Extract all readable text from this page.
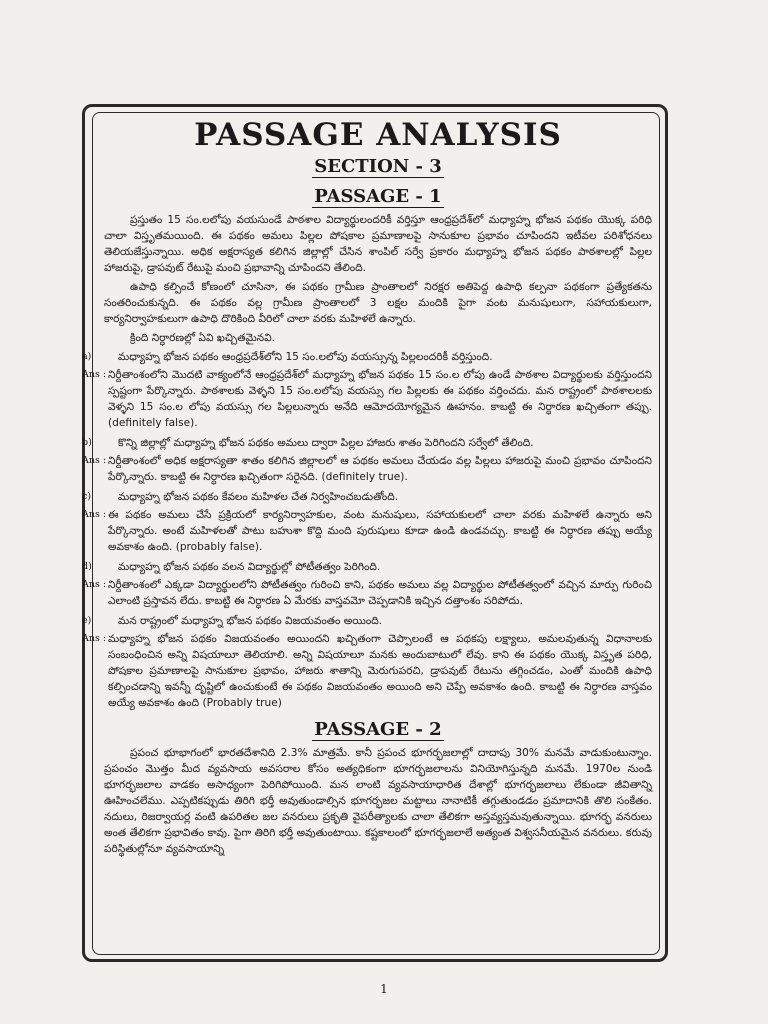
PASSAGE ANALYSIS
SECTION - 3
PASSAGE - 1

ప్రస్తుతం 15 సం.లలోపు వయసుండే పాఠశాల విద్యార్థులందరికీ వర్తిస్తూ ఆంధ్రప్రదేశ్‌లో మధ్యాహ్న భోజన పథకం యొక్క పరిధి చాలా విస్తృతమయింది. ఈ పథకం అమలు పిల్లల పోషకాల ప్రమాణాలపై సానుకూల ప్రభావం చూపిందని ఇటీవల పరిశోధనలు తెలియజేస్తున్నాయి. అధిక అక్షరాస్యత కలిగిన జిల్లాల్లో చేసిన శాంపిల్ సర్వే ప్రకారం మధ్యాహ్న భోజన పథకం పాఠశాలల్లో పిల్లల హాజరుపై, డ్రాపవుట్ రేటుపై మంచి ప్రభావాన్ని చూపిందని తేలింది.

ఉపాధి కల్పించే కోణంలో చూసినా, ఈ పథకం గ్రామీణ ప్రాంతాలలో నిరక్షర అతిపెద్ద ఉపాధి కల్పనా పథకంగా ప్రత్యేకతను సంతరించుకున్నది. ఈ పథకం వల్ల గ్రామీణ ప్రాంతాలలో 3 లక్షల మందికి పైగా వంట మనుషులుగా, సహాయకులుగా, కార్యనిర్వాహకులుగా ఉపాధి దొరికింది వీరిలో చాలా వరకు మహిళలే ఉన్నారు.

క్రింది నిర్ధారణల్లో ఏవి ఖచ్చితమైనవి.

a)	మధ్యాహ్న భోజన పథకం ఆంధ్రప్రదేశ్‌లోని 15 సం.లలోపు వయస్సున్న పిల్లలందరికీ వర్తిస్తుంది.
Ans : నిర్దీతాంశంలోని మొదటి వాక్యంలోనే ఆంధ్రప్రదేశ్‌లో మధ్యాహ్న భోజన పథకం 15 సం.ల లోపు ఉండే పాఠశాల విద్యార్థులకు వర్తిస్తుందని స్పష్టంగా పేర్కొన్నారు. పాఠశాలకు వెళ్ళని 15 సం.లలోపు వయస్సు గల పిల్లలకు ఈ పథకం వర్తించదు. మన రాష్ట్రంలో పాఠశాలలకు వెళ్ళని 15 సం.ల లోపు వయస్సు గల పిల్లలున్నారు అనేది ఆమోదయోగ్యమైన ఊహనం. కాబట్టి ఈ నిర్ధారణ ఖచ్చితంగా తప్పు. (definitely false).
b)	కొన్ని జిల్లాల్లో మధ్యాహ్న భోజన పథకం అమలు ద్వారా పిల్లల హాజరు శాతం పెరిగిందని సర్వేలో తేలింది.
Ans : నిర్దీతాంశంలో అధిక అక్షరాస్యతా శాతం కలిగిన జిల్లాలలో ఆ పథకం అమలు చేయడం వల్ల పిల్లలు హాజరుపై మంచి ప్రభావం చూపిందని పేర్కొన్నారు. కాబట్టి ఈ నిర్ధారణ ఖచ్చితంగా సరైనది. (definitely true).
c)	మధ్యాహ్న భోజన పథకం కేవలం మహిళల చేత నిర్వహించబడుతోంది.
Ans : ఈ పథకం అమలు చేసే ప్రక్రియలో కార్యనిర్వాహకుల, వంట మనుషులు, సహాయకులలో చాలా వరకు మహిళలే ఉన్నారు అని పేర్కొన్నారు. అంటే మహిళలతో పాటు బహుశా కొద్ది మంది పురుషులు కూడా ఉండి ఉండవచ్చు. కాబట్టి ఈ నిర్ధారణ తప్పు అయ్యే అవకాశం ఉంది. (probably false).
d)	మధ్యాహ్న భోజన పథకం వలన విద్యార్థుల్లో పోటీతత్వం పెరిగింది.
Ans : నిర్దీతాంశంలో ఎక్కడా విద్యార్థులలోని పోటీతత్వం గురించి కాని, పథకం అమలు వల్ల విద్యార్థుల పోటీతత్వంలో వచ్చిన మార్పు గురించి ఎలాంటి ప్రస్తావన లేదు. కాబట్టి ఈ నిర్ధారణ ఏ మేరకు వాస్తవమో చెప్పడానికి ఇచ్చిన దత్తాంశం సరిపోదు.
e)	మన రాష్ట్రంలో మధ్యాహ్న భోజన పథకం విజయవంతం అయింది.
Ans : మధ్యాహ్న భోజన పథకం విజయవంతం అయిందని ఖచ్చితంగా చెప్పాలంటే ఆ పథకపు లక్ష్యాలు, అమలవుతున్న విధానాలకు సంబంధించిన అన్ని విషయాలూ తెలియాలి. అన్ని విషయాలూ మనకు అందుబాటులో లేవు. కాని ఈ పథకం యొక్క విస్తృత పరిధి, పోషకాల ప్రమాణాలపై సానుకూల ప్రభావం, హాజరు శాతాన్ని మెరుగుపరచి, డ్రాపవుట్ రేటును తగ్గించడం, ఎంతో మందికి ఉపాధి కల్పించడాన్ని ఇవన్నీ దృష్టిలో ఉంచుకుంటే ఈ పథకం విజయవంతం అయింది అని చెప్పే అవకాశం ఉంది. కాబట్టి ఈ నిర్ధారణ వాస్తవం అయ్యే అవకాశం ఉంది (Probably true)
PASSAGE - 2

ప్రపంచ భూభాగంలో భారతదేశానిది 2.3% మాత్రమే. కానీ ప్రపంచ భూగర్భజలాల్లో దాదాపు 30% మనమే వాడుకుంటున్నాం. ప్రపంచం మొత్తం మీద వ్యవసాయ అవసరాల కోసం అత్యధికంగా భూగర్భజలాలను వినియోగిస్తున్నది మనమే. 1970ల నుండి భూగర్భజలాల వాడకం అసాధ్యంగా పెరిగిపోయింది. మన లాంటి వ్యవసాయాధారిత దేశాల్లో భూగర్భజలాలు లేకుండా జీవితాన్ని ఊహించలేము. ఎప్పటికప్పుడు తిరిగి భర్తీ అవుతుండాల్సిన భూగర్భజల మట్టాలు నానాటికీ తగ్గుతుండడం ప్రమాదానికి తొలి సంకేతం. నదులు, రిజర్వాయర్ల వంటి ఉపరితల జల వనరులు ప్రకృతి వైపరీత్యాలకు చాలా తేలికగా అస్తవ్యస్తమవుతున్నాయి. భూగర్భ వనరులు అంత తేలికగా ప్రభావితం కావు. పైగా తిరిగి భర్తీ అవుతుంటాయి. కష్టకాలంలో భూగర్భజలాలే అత్యంత విశ్వసనీయమైన వనరులు. కరువు పరిస్థితుల్లోనూ వ్యవసాయాన్ని

1
